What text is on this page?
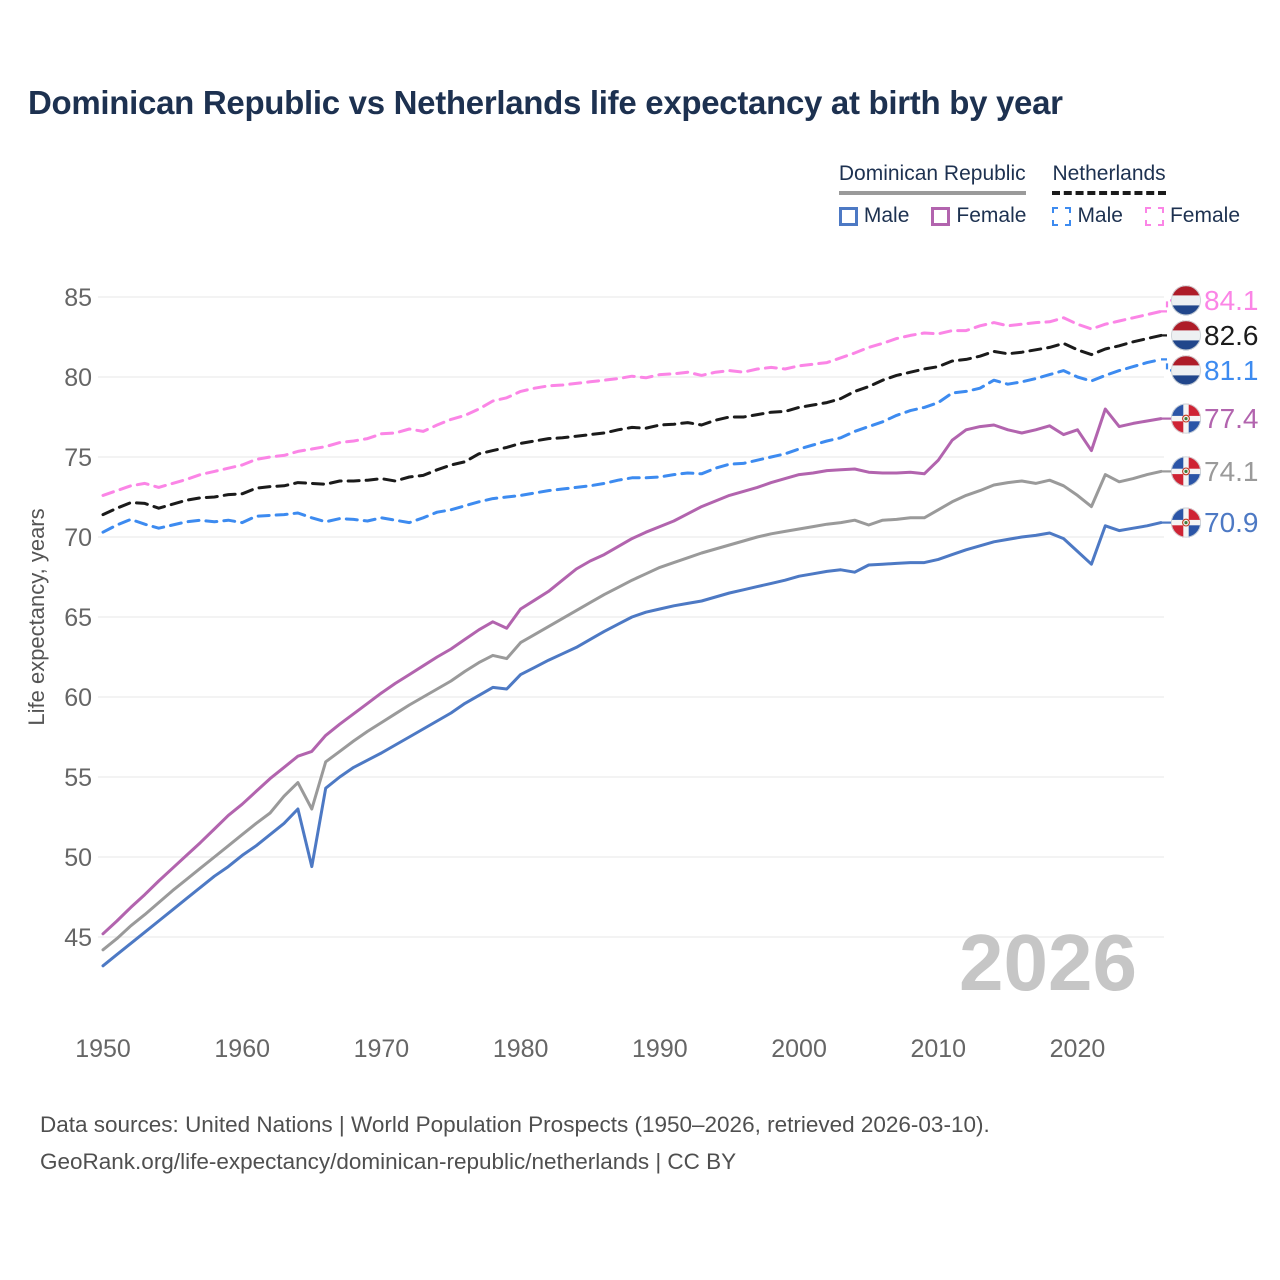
Dominican Republic vs Netherlands life expectancy at birth by year
Dominican Republic
Male Female
Netherlands
Male Female
45
50
55
60
65
70
75
80
85
2026
1950	1960	1970	1980	1990	2000	2010	2020
Life expectancy, years
84.1
82.6
81.1
77.4
74.1
70.9
Data sources: United Nations | World Population Prospects (1950–2026, retrieved 2026-03-10).
GeoRank.org/life-expectancy/dominican-republic/netherlands | CC BY
